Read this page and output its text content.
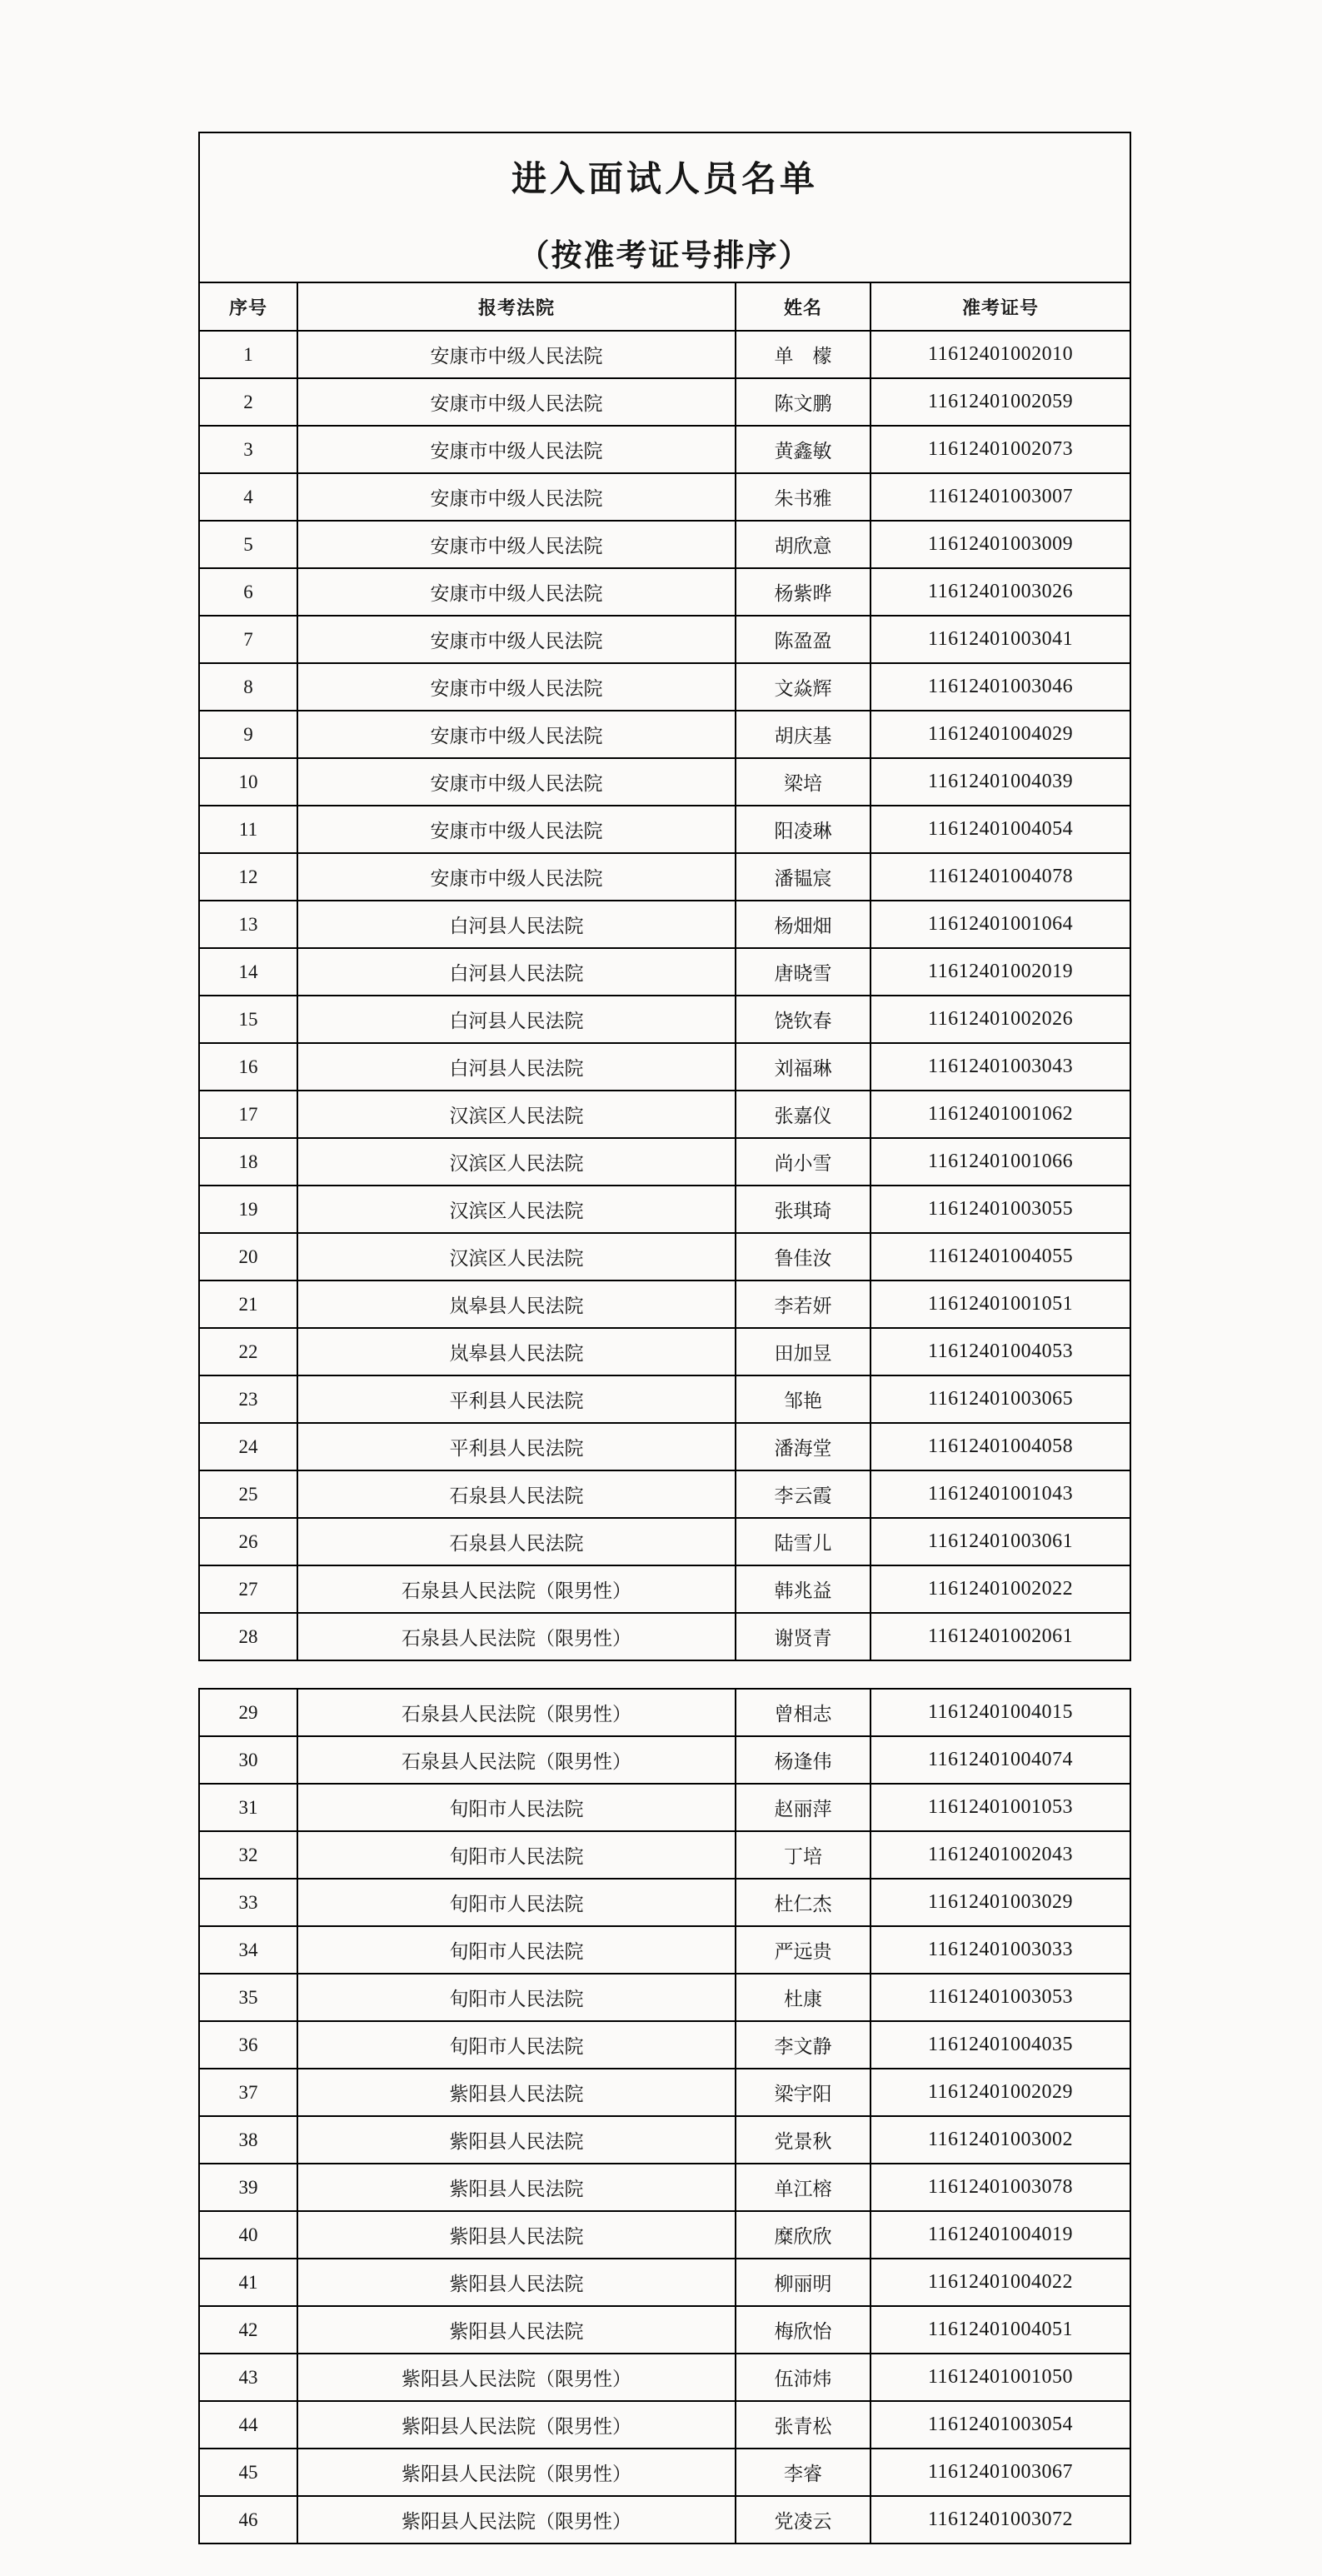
进入面试人员名单
（按准考证号排序）			

序号	报考法院	姓名	准考证号
1	安康市中级人民法院	单　檬	11612401002010
2	安康市中级人民法院	陈文鹏	11612401002059
3	安康市中级人民法院	黄鑫敏	11612401002073
4	安康市中级人民法院	朱书雅	11612401003007
5	安康市中级人民法院	胡欣意	11612401003009
6	安康市中级人民法院	杨紫晔	11612401003026
7	安康市中级人民法院	陈盈盈	11612401003041
8	安康市中级人民法院	文焱辉	11612401003046
9	安康市中级人民法院	胡庆基	11612401004029
10	安康市中级人民法院	梁培	11612401004039
11	安康市中级人民法院	阳凌琳	11612401004054
12	安康市中级人民法院	潘韫宸	11612401004078
13	白河县人民法院	杨畑畑	11612401001064
14	白河县人民法院	唐晓雪	11612401002019
15	白河县人民法院	饶钦春	11612401002026
16	白河县人民法院	刘福琳	11612401003043
17	汉滨区人民法院	张嘉仪	11612401001062
18	汉滨区人民法院	尚小雪	11612401001066
19	汉滨区人民法院	张琪琦	11612401003055
20	汉滨区人民法院	鲁佳汝	11612401004055
21	岚皋县人民法院	李若妍	11612401001051
22	岚皋县人民法院	田加昱	11612401004053
23	平利县人民法院	邹艳	11612401003065
24	平利县人民法院	潘海堂	11612401004058
25	石泉县人民法院	李云霞	11612401001043
26	石泉县人民法院	陆雪儿	11612401003061
27	石泉县人民法院（限男性）	韩兆益	11612401002022
28	石泉县人民法院（限男性）	谢贤青	11612401002061
29	石泉县人民法院（限男性）	曾相志	11612401004015
30	石泉县人民法院（限男性）	杨逢伟	11612401004074
31	旬阳市人民法院	赵丽萍	11612401001053
32	旬阳市人民法院	丁培	11612401002043
33	旬阳市人民法院	杜仁杰	11612401003029
34	旬阳市人民法院	严远贵	11612401003033
35	旬阳市人民法院	杜康	11612401003053
36	旬阳市人民法院	李文静	11612401004035
37	紫阳县人民法院	梁宇阳	11612401002029
38	紫阳县人民法院	党景秋	11612401003002
39	紫阳县人民法院	单江榕	11612401003078
40	紫阳县人民法院	糜欣欣	11612401004019
41	紫阳县人民法院	柳丽明	11612401004022
42	紫阳县人民法院	梅欣怡	11612401004051
43	紫阳县人民法院（限男性）	伍沛炜	11612401001050
44	紫阳县人民法院（限男性）	张青松	11612401003054
45	紫阳县人民法院（限男性）	李睿	11612401003067
46	紫阳县人民法院（限男性）	党凌云	11612401003072
